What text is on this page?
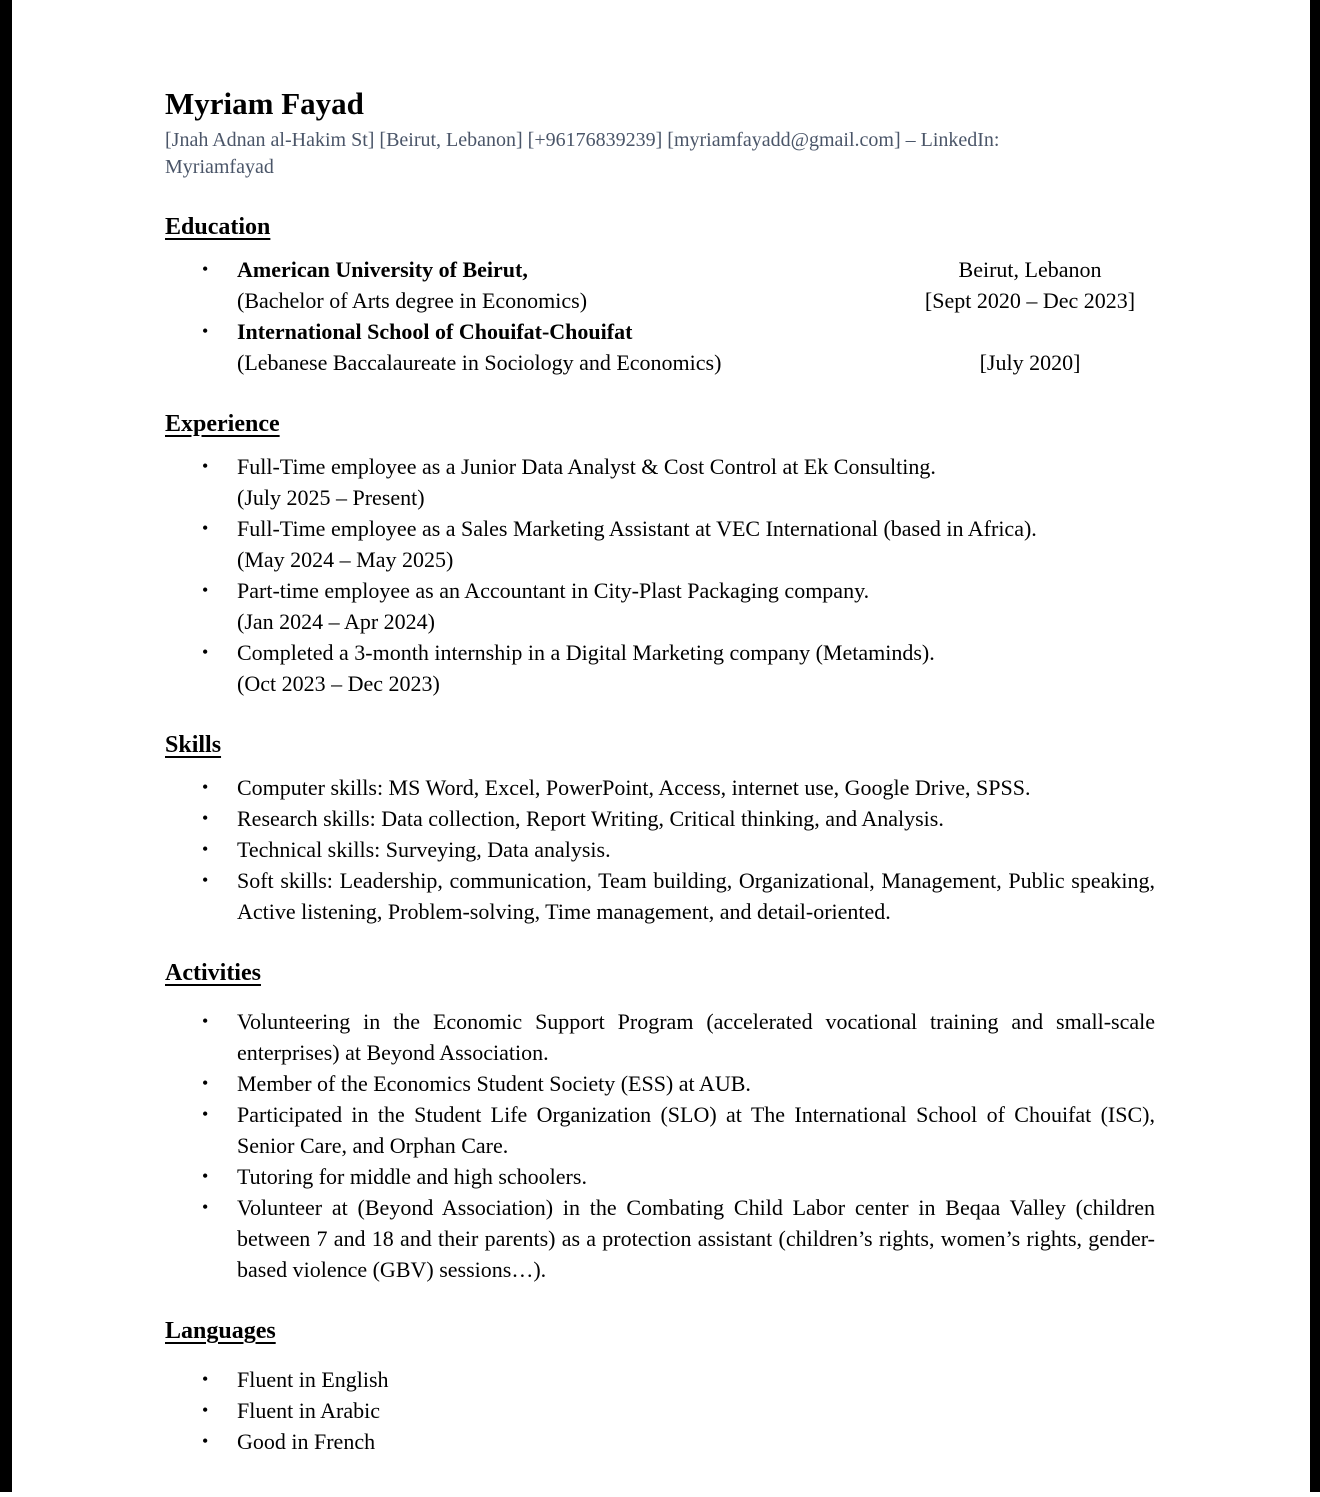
Myriam Fayad
[Jnah Adnan al-Hakim St] [Beirut, Lebanon] [+96176839239] [myriamfayadd@gmail.com] – LinkedIn: Myriamfayad
Education
•	American University of Beirut,	Beirut, Lebanon
(Bachelor of Arts degree in Economics)	[Sept 2020 – Dec 2023]
•	International School of Chouifat-Chouifat
(Lebanese Baccalaureate in Sociology and Economics)	[July 2020]
Experience
•	Full-Time employee as a Junior Data Analyst & Cost Control at Ek Consulting.
(July 2025 – Present)
•	Full-Time employee as a Sales Marketing Assistant at VEC International (based in Africa).
(May 2024 – May 2025)
•	Part-time employee as an Accountant in City-Plast Packaging company.
(Jan 2024 – Apr 2024)
•	Completed a 3-month internship in a Digital Marketing company (Metaminds).
(Oct 2023 – Dec 2023)
Skills
•	Computer skills: MS Word, Excel, PowerPoint, Access, internet use, Google Drive, SPSS.
•	Research skills: Data collection, Report Writing, Critical thinking, and Analysis.
•	Technical skills: Surveying, Data analysis.
•	Soft skills: Leadership, communication, Team building, Organizational, Management, Public speaking, Active listening, Problem-solving, Time management, and detail-oriented.
Activities
•	Volunteering in the Economic Support Program (accelerated vocational training and small-scale enterprises) at Beyond Association.
•	Member of the Economics Student Society (ESS) at AUB.
•	Participated in the Student Life Organization (SLO) at The International School of Chouifat (ISC), Senior Care, and Orphan Care.
•	Tutoring for middle and high schoolers.
•	Volunteer at (Beyond Association) in the Combating Child Labor center in Beqaa Valley (children between 7 and 18 and their parents) as a protection assistant (children’s rights, women’s rights, gender-based violence (GBV) sessions…).
Languages
•	Fluent in English
•	Fluent in Arabic
•	Good in French
